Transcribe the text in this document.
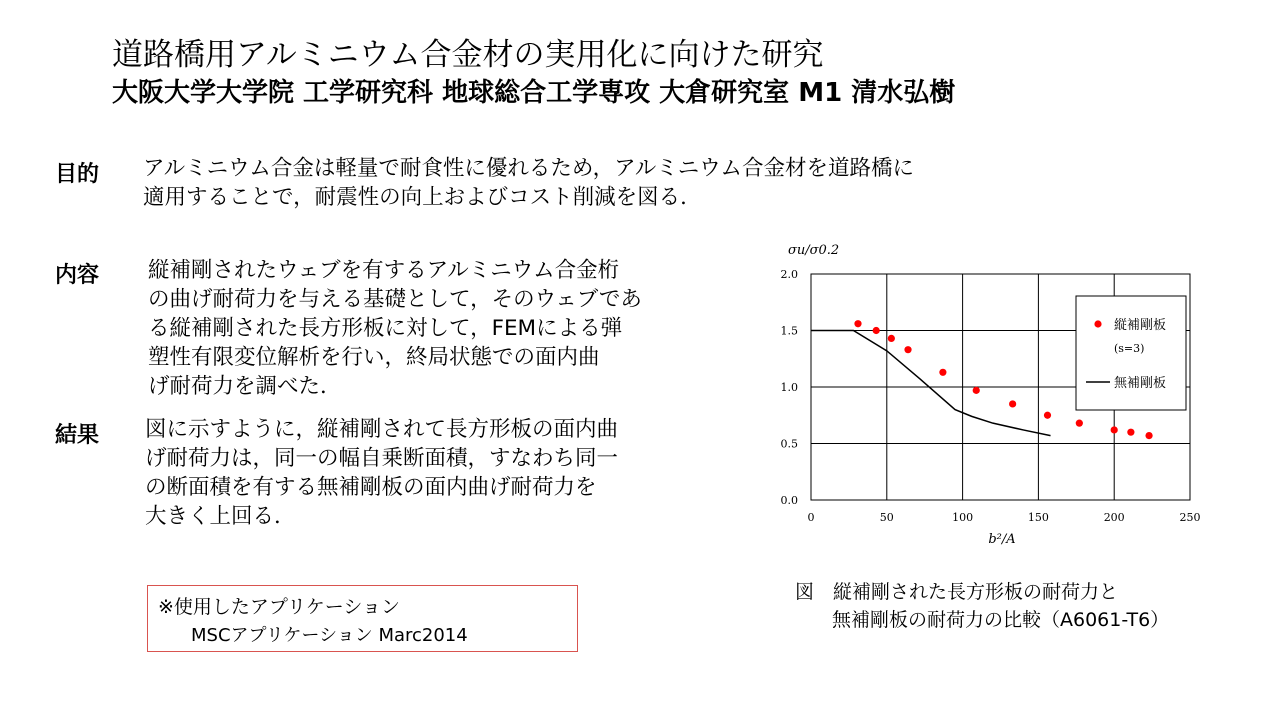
道路橋用アルミニウム合金材の実用化に向けた研究
大阪大学大学院 工学研究科 地球総合工学専攻 大倉研究室 M1 清水弘樹
目的 アルミニウム合金は軽量で耐食性に優れるため，アルミニウム合金材を道路橋に
適用することで，耐震性の向上およびコスト削減を図る．
内容 縦補剛されたウェブを有するアルミニウム合金桁
の曲げ耐荷力を与える基礎として，そのウェブであ
る縦補剛された長方形板に対して，FEMによる弾
塑性有限変位解析を行い，終局状態での面内曲
げ耐荷力を調べた．
結果 図に示すように，縦補剛されて長方形板の面内曲
げ耐荷力は，同一の幅自乗断面積，すなわち同一
の断面積を有する無補剛板の面内曲げ耐荷力を
大きく上回る．
※使用したアプリケーション
MSCアプリケーション Marc2014
0	50	100	150	200	250
0.0
0.5
1.0
1.5
2.0
縦補剛板
(s=3)
無補剛板
σu/σ0.2
b²/A
図　縦補剛された長方形板の耐荷力と
無補剛板の耐荷力の比較（A6061-T6）
